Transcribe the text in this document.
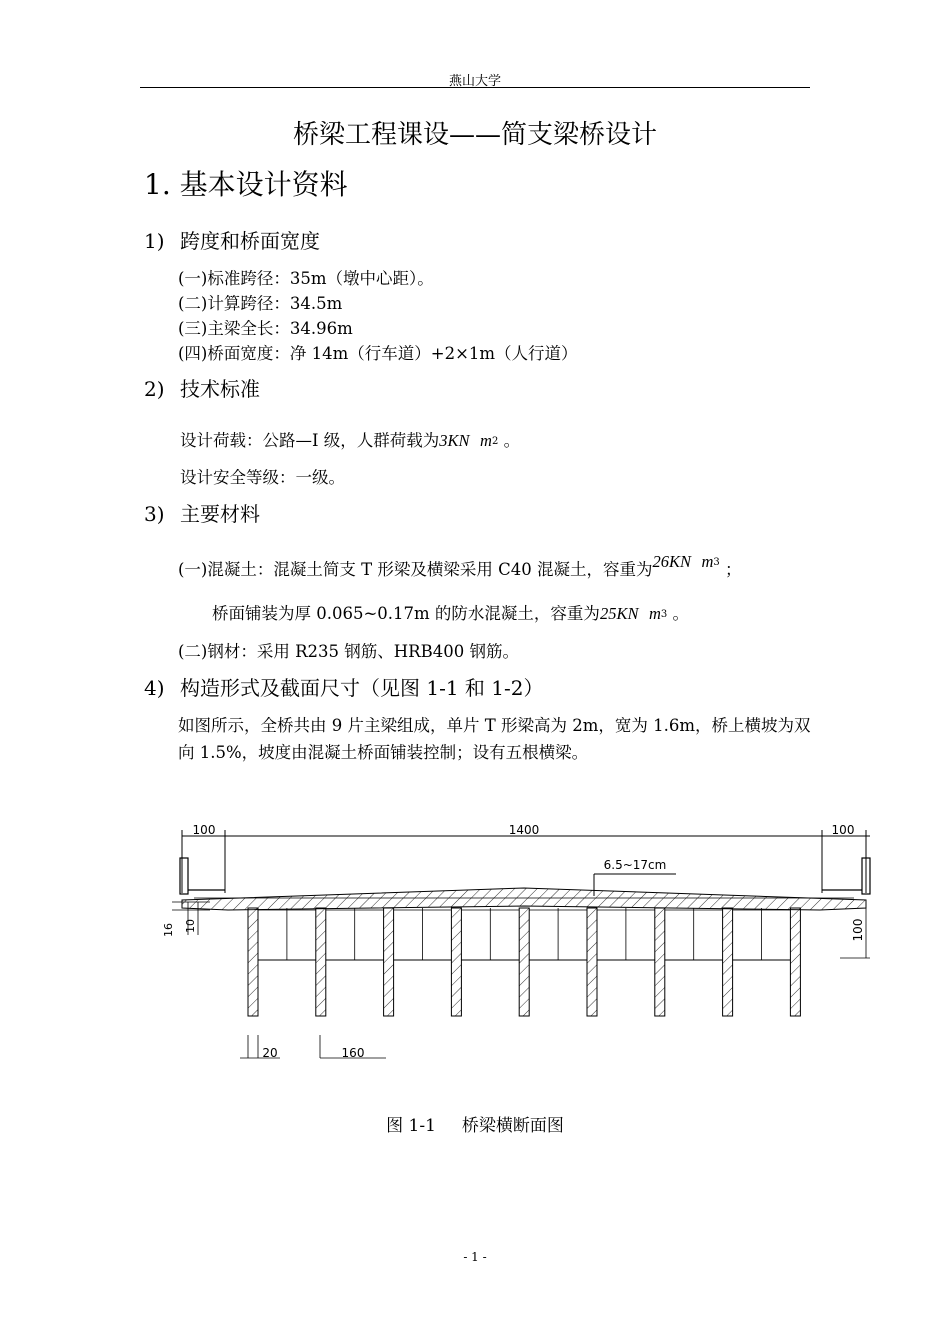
燕山大学
桥梁工程课设——简支梁桥设计
1. 基本设计资料
1) 跨度和桥面宽度
(一)标准跨径：35m（墩中心距）。
(二)计算跨径：34.5m
(三)主梁全长：34.96m
(四)桥面宽度：净 14m（行车道）+2×1m（人行道）
2) 技术标准
设计荷载：公路—I 级，人群荷载为3KN m2 。
设计安全等级：一级。
3) 主要材料
(一)混凝土：混凝土简支 T 形梁及横梁采用 C40 混凝土，容重为26KN $m^3$ ；
桥面铺装为厚 0.065~0.17m 的防水混凝土，容重为25KN m3 。
(二)钢材：采用 R235 钢筋、HRB400 钢筋。
4) 构造形式及截面尺寸（见图 1-1 和 1-2）
如图所示，全桥共由 9 片主梁组成，单片 T 形梁高为 2m，宽为 1.6m，桥上横坡为双向 1.5%，坡度由混凝土桥面铺装控制；设有五根横梁。
100	1400	100
6.5~17cm
16 10	100
20	160
图 1-1 桥梁横断面图
- 1 -
